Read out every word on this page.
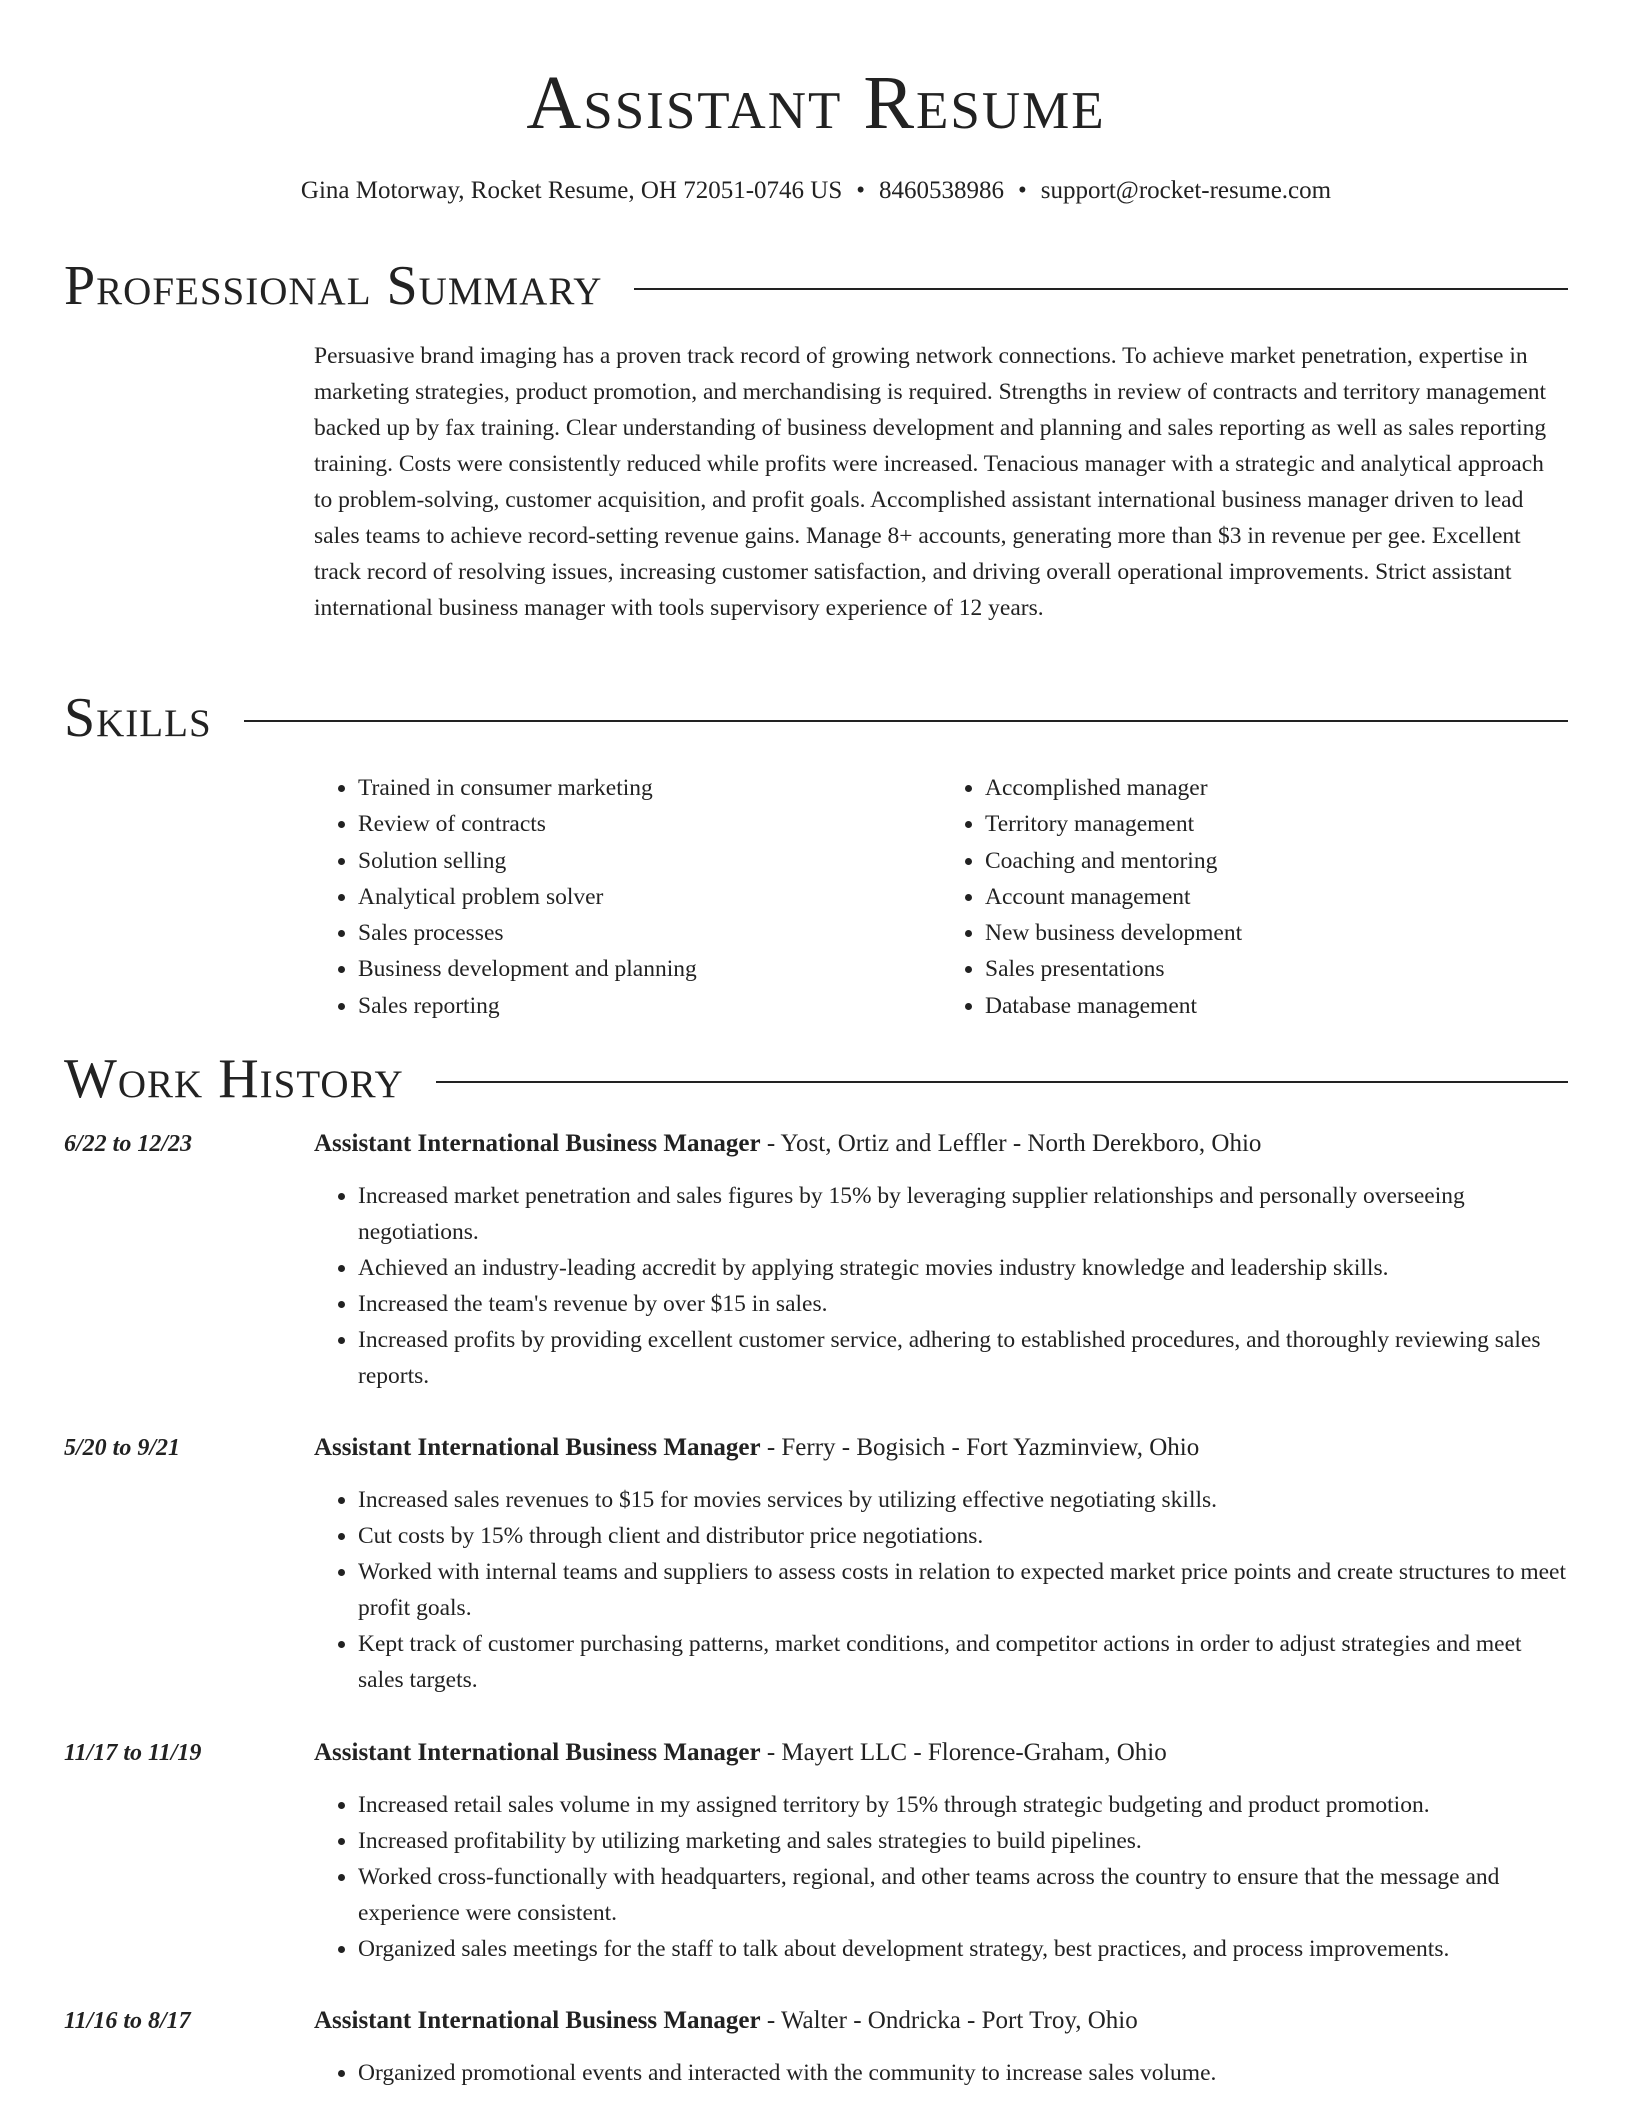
Assistant Resume
Gina Motorway, Rocket Resume, OH 72051-0746 US • 8460538986 • support@rocket-resume.com
Professional Summary

Persuasive brand imaging has a proven track record of growing network connections. To achieve market penetration, expertise in marketing strategies, product promotion, and merchandising is required. Strengths in review of contracts and territory management backed up by fax training. Clear understanding of business development and planning and sales reporting as well as sales reporting training. Costs were consistently reduced while profits were increased. Tenacious manager with a strategic and analytical approach to problem-solving, customer acquisition, and profit goals. Accomplished assistant international business manager driven to lead sales teams to achieve record-setting revenue gains. Manage 8+ accounts, generating more than $3 in revenue per gee. Excellent track record of resolving issues, increasing customer satisfaction, and driving overall operational improvements. Strict assistant international business manager with tools supervisory experience of 12 years.

Skills
• Trained in consumer marketing
• Review of contracts
• Solution selling
• Analytical problem solver
• Sales processes
• Business development and planning
• Sales reporting
• Accomplished manager
• Territory management
• Coaching and mentoring
• Account management
• New business development
• Sales presentations
• Database management
Work History
6/22 to 12/23	Assistant International Business Manager - Yost, Ortiz and Leffler - North Derekboro, Ohio
• Increased market penetration and sales figures by 15% by leveraging supplier relationships and personally overseeing negotiations.
• Achieved an industry-leading accredit by applying strategic movies industry knowledge and leadership skills.
• Increased the team's revenue by over $15 in sales.
• Increased profits by providing excellent customer service, adhering to established procedures, and thoroughly reviewing sales reports.
5/20 to 9/21	Assistant International Business Manager - Ferry - Bogisich - Fort Yazminview, Ohio
• Increased sales revenues to $15 for movies services by utilizing effective negotiating skills.
• Cut costs by 15% through client and distributor price negotiations.
• Worked with internal teams and suppliers to assess costs in relation to expected market price points and create structures to meet profit goals.
• Kept track of customer purchasing patterns, market conditions, and competitor actions in order to adjust strategies and meet sales targets.
11/17 to 11/19	Assistant International Business Manager - Mayert LLC - Florence-Graham, Ohio
• Increased retail sales volume in my assigned territory by 15% through strategic budgeting and product promotion.
• Increased profitability by utilizing marketing and sales strategies to build pipelines.
• Worked cross-functionally with headquarters, regional, and other teams across the country to ensure that the message and experience were consistent.
• Organized sales meetings for the staff to talk about development strategy, best practices, and process improvements.
11/16 to 8/17	Assistant International Business Manager - Walter - Ondricka - Port Troy, Ohio
• Organized promotional events and interacted with the community to increase sales volume.
